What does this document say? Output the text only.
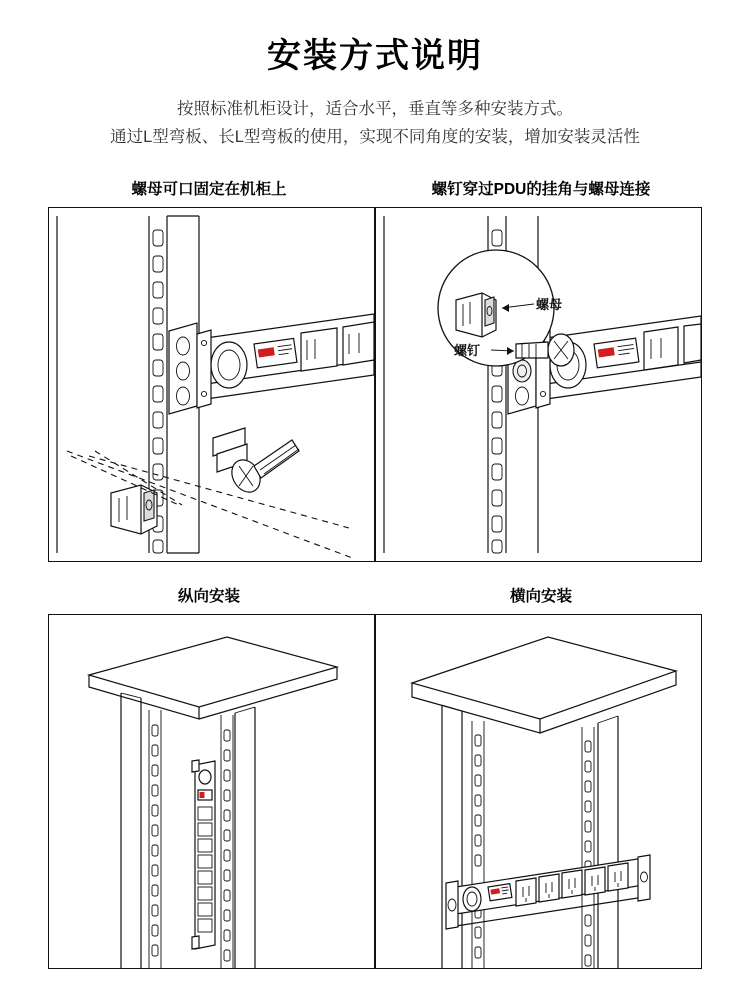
安装方式说明
按照标准机柜设计，适合水平，垂直等多种安装方式。
通过L型弯板、长L型弯板的使用，实现不同角度的安装，增加安装灵活性
螺母可口固定在机柜上	螺钉穿过PDU的挂角与螺母连接
螺母
螺钉
纵向安装	横向安装
